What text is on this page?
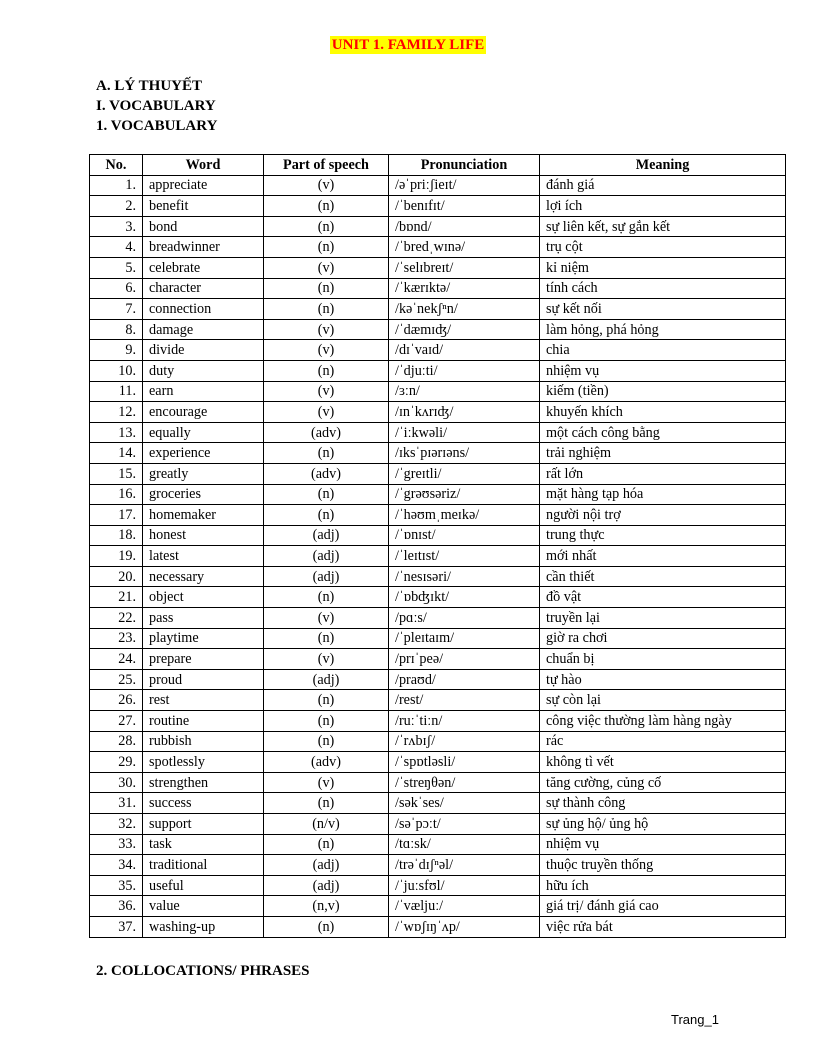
UNIT 1. FAMILY LIFE
A. LÝ THUYẾT
I. VOCABULARY
1. VOCABULARY
No.	Word	Part of speech	Pronunciation	Meaning
1.	appreciate	(v)	/əˈpriːʃieɪt/	đánh giá
2.	benefit	(n)	/ˈbenɪfɪt/	lợi ích
3.	bond	(n)	/bɒnd/	sự liên kết, sự gắn kết
4.	breadwinner	(n)	/ˈbredˌwɪnə/	trụ cột
5.	celebrate	(v)	/ˈselɪbreɪt/	kỉ niệm
6.	character	(n)	/ˈkærɪktə/	tính cách
7.	connection	(n)	/kəˈnekʃⁿn/	sự kết nối
8.	damage	(v)	/ˈdæmɪʤ/	làm hỏng, phá hỏng
9.	divide	(v)	/dɪˈvaɪd/	chia
10.	duty	(n)	/ˈdjuːti/	nhiệm vụ
11.	earn	(v)	/ɜːn/	kiếm (tiền)
12.	encourage	(v)	/ɪnˈkʌrɪʤ/	khuyến khích
13.	equally	(adv)	/ˈiːkwəli/	một cách công bằng
14.	experience	(n)	/ɪksˈpɪərɪəns/	trải nghiệm
15.	greatly	(adv)	/ˈgreɪtli/	rất lớn
16.	groceries	(n)	/ˈgrəʊsəriz/	mặt hàng tạp hóa
17.	homemaker	(n)	/ˈhəʊmˌmeɪkə/	người nội trợ
18.	honest	(adj)	/ˈɒnɪst/	trung thực
19.	latest	(adj)	/ˈleɪtɪst/	mới nhất
20.	necessary	(adj)	/ˈnesɪsəri/	cần thiết
21.	object	(n)	/ˈɒbʤɪkt/	đồ vật
22.	pass	(v)	/pɑːs/	truyền lại
23.	playtime	(n)	/ˈpleɪtaɪm/	giờ ra chơi
24.	prepare	(v)	/prɪˈpeə/	chuẩn bị
25.	proud	(adj)	/praʊd/	tự hào
26.	rest	(n)	/rest/	sự còn lại
27.	routine	(n)	/ruːˈtiːn/	công việc thường làm hàng ngày
28.	rubbish	(n)	/ˈrʌbɪʃ/	rác
29.	spotlessly	(adv)	/ˈspɒtləsli/	không tì vết
30.	strengthen	(v)	/ˈstreŋθən/	tăng cường, củng cố
31.	success	(n)	/səkˈses/	sự thành công
32.	support	(n/v)	/səˈpɔːt/	sự ủng hộ/ ủng hộ
33.	task	(n)	/tɑːsk/	nhiệm vụ
34.	traditional	(adj)	/trəˈdɪʃⁿəl/	thuộc truyền thống
35.	useful	(adj)	/ˈjuːsfʊl/	hữu ích
36.	value	(n,v)	/ˈvæljuː/	giá trị/ đánh giá cao
37.	washing-up	(n)	/ˈwɒʃɪŋˈʌp/	việc rửa bát
2. COLLOCATIONS/ PHRASES
Trang_1
